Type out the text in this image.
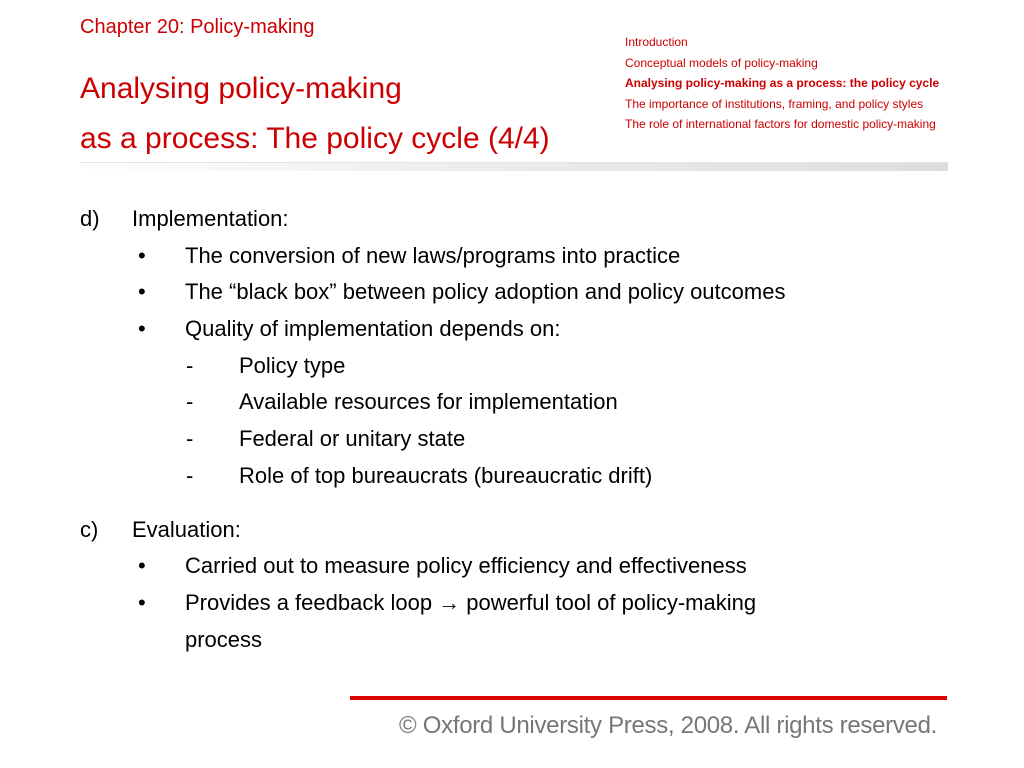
Chapter 20: Policy-making
Analysing policy-making
as a process: The policy cycle (4/4)
Introduction
Conceptual models of policy-making
Analysing policy-making as a process: the policy cycle
The importance of institutions, framing, and policy styles
The role of international factors for domestic policy-making
d) Implementation:
• The conversion of new laws/programs into practice
• The “black box” between policy adoption and policy outcomes
• Quality of implementation depends on:
- Policy type
- Available resources for implementation
- Federal or unitary state
- Role of top bureaucrats (bureaucratic drift)
c) Evaluation:
• Carried out to measure policy efficiency and effectiveness
• Provides a feedback loop → powerful tool of policy-making
process
© Oxford University Press, 2008. All rights reserved.
